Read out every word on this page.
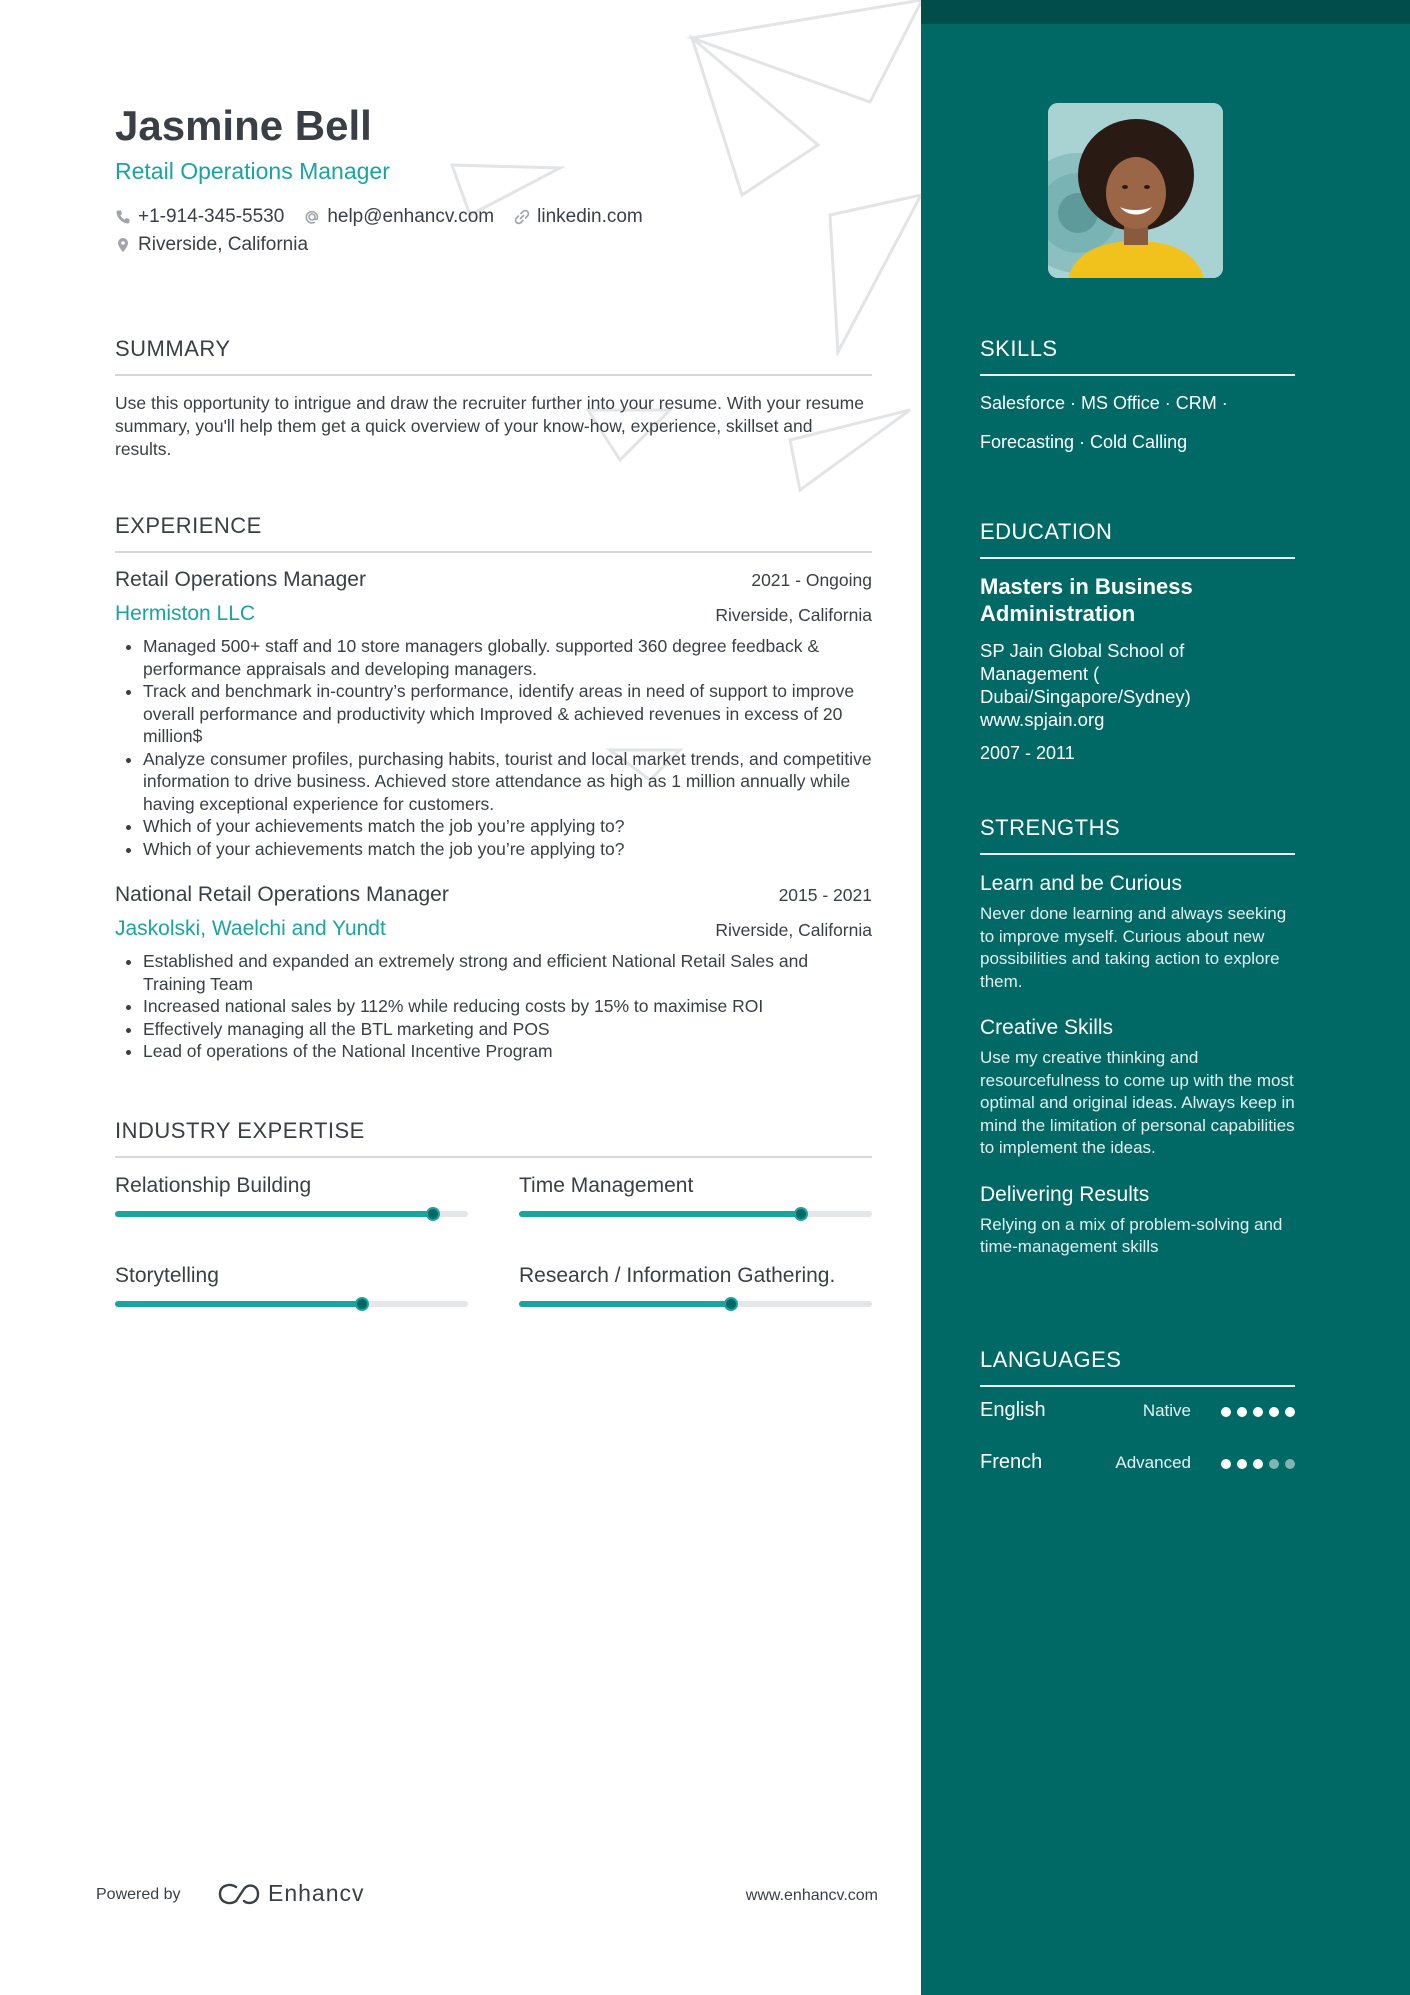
Jasmine Bell
Retail Operations Manager
+1-914-345-5530 help@enhancv.com linkedin.com
Riverside, California
SUMMARY
Use this opportunity to intrigue and draw the recruiter further into your resume. With your resume summary, you'll help them get a quick overview of your know-how, experience, skillset and results.
EXPERIENCE
Retail Operations Manager	2021 - Ongoing
Hermiston LLC	Riverside, California
• Managed 500+ staff and 10 store managers globally. supported 360 degree feedback & performance appraisals and developing managers.
• Track and benchmark in-country’s performance, identify areas in need of support to improve overall performance and productivity which Improved & achieved revenues in excess of 20 million$
• Analyze consumer profiles, purchasing habits, tourist and local market trends, and competitive information to drive business. Achieved store attendance as high as 1 million annually while having exceptional experience for customers.
• Which of your achievements match the job you’re applying to?
• Which of your achievements match the job you’re applying to?
National Retail Operations Manager	2015 - 2021
Jaskolski, Waelchi and Yundt	Riverside, California
• Established and expanded an extremely strong and efficient National Retail Sales and Training Team
• Increased national sales by 112% while reducing costs by 15% to maximise ROI
• Effectively managing all the BTL marketing and POS
• Lead of operations of the National Incentive Program
INDUSTRY EXPERTISE
Relationship Building	Time Management
Storytelling	Research / Information Gathering.
Powered by	Enhancv	www.enhancv.com
SKILLS
Salesforce · MS Office · CRM ·
Forecasting · Cold Calling
EDUCATION
Masters in Business Administration
SP Jain Global School of Management ( Dubai/Singapore/Sydney) www.spjain.org
2007 - 2011
STRENGTHS
Learn and be Curious
Never done learning and always seeking to improve myself. Curious about new possibilities and taking action to explore them.
Creative Skills
Use my creative thinking and resourcefulness to come up with the most optimal and original ideas. Always keep in mind the limitation of personal capabilities to implement the ideas.
Delivering Results
Relying on a mix of problem-solving and time-management skills
LANGUAGES
English	Native
French	Advanced
